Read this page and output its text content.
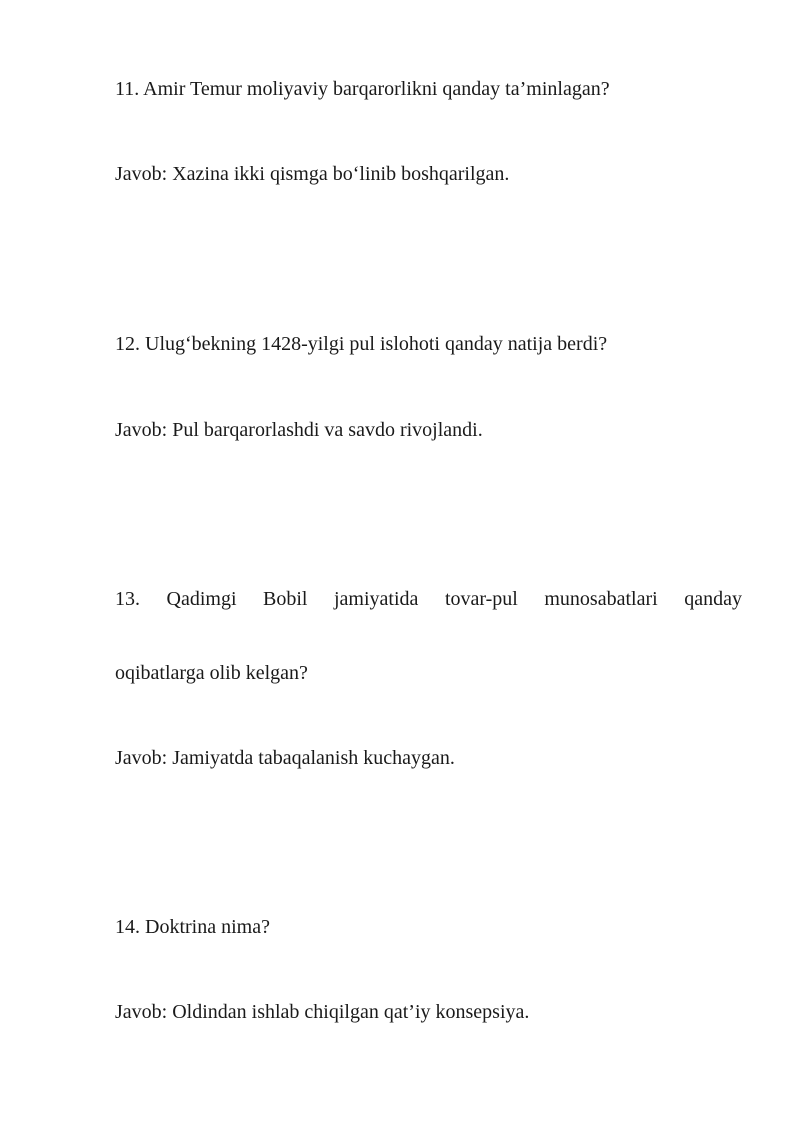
11. Amir Temur moliyaviy barqarorlikni qanday ta’minlagan?
Javob: Xazina ikki qismga bo‘linib boshqarilgan.
12. Ulug‘bekning 1428-yilgi pul islohoti qanday natija berdi?
Javob: Pul barqarorlashdi va savdo rivojlandi.
13. Qadimgi Bobil jamiyatida tovar-pul munosabatlari qanday
oqibatlarga olib kelgan?
Javob: Jamiyatda tabaqalanish kuchaygan.
14. Doktrina nima?
Javob: Oldindan ishlab chiqilgan qat’iy konsepsiya.
